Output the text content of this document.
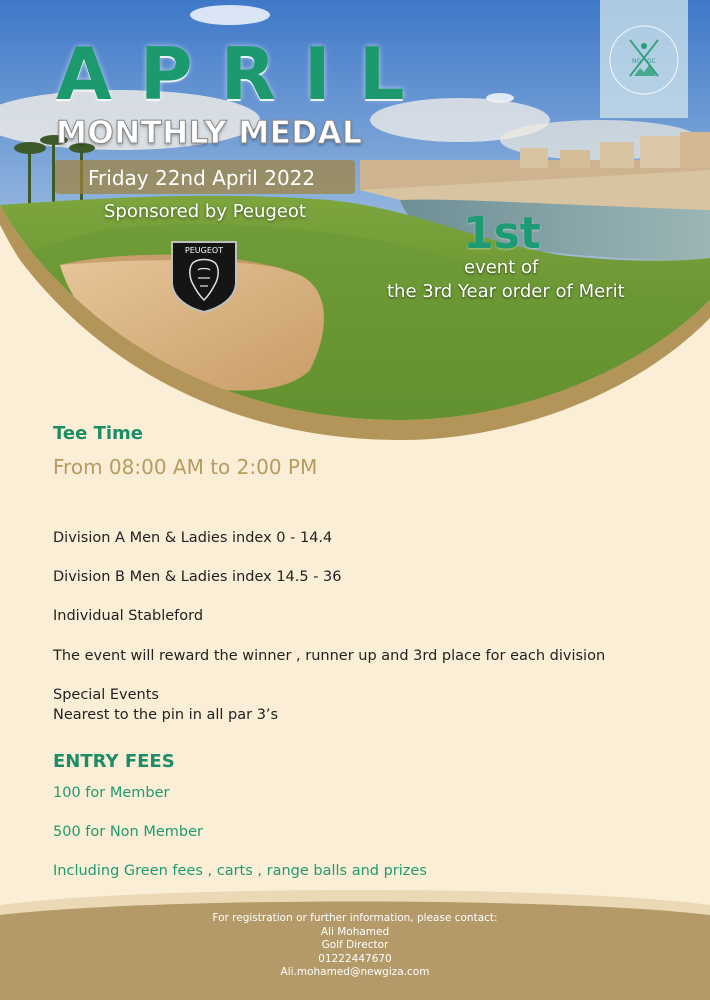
NG GC
APRIL
MONTHLY MEDAL
Friday 22nd April 2022
Sponsored by Peugeot
PEUGEOT	1st
event of
the 3rd Year order of Merit
Tee Time
From 08:00 AM to 2:00 PM
Division A Men & Ladies index 0 - 14.4
Division B Men & Ladies index 14.5 - 36
Individual Stableford
The event will reward the winner , runner up and 3rd place for each division
Special Events
Nearest to the pin in all par 3’s
ENTRY FEES
100 for Member
500 for Non Member
Including Green fees , carts , range balls and prizes
For registration or further information, please contact:
Ali Mohamed
Golf Director
01222447670
Ali.mohamed@newgiza.com
